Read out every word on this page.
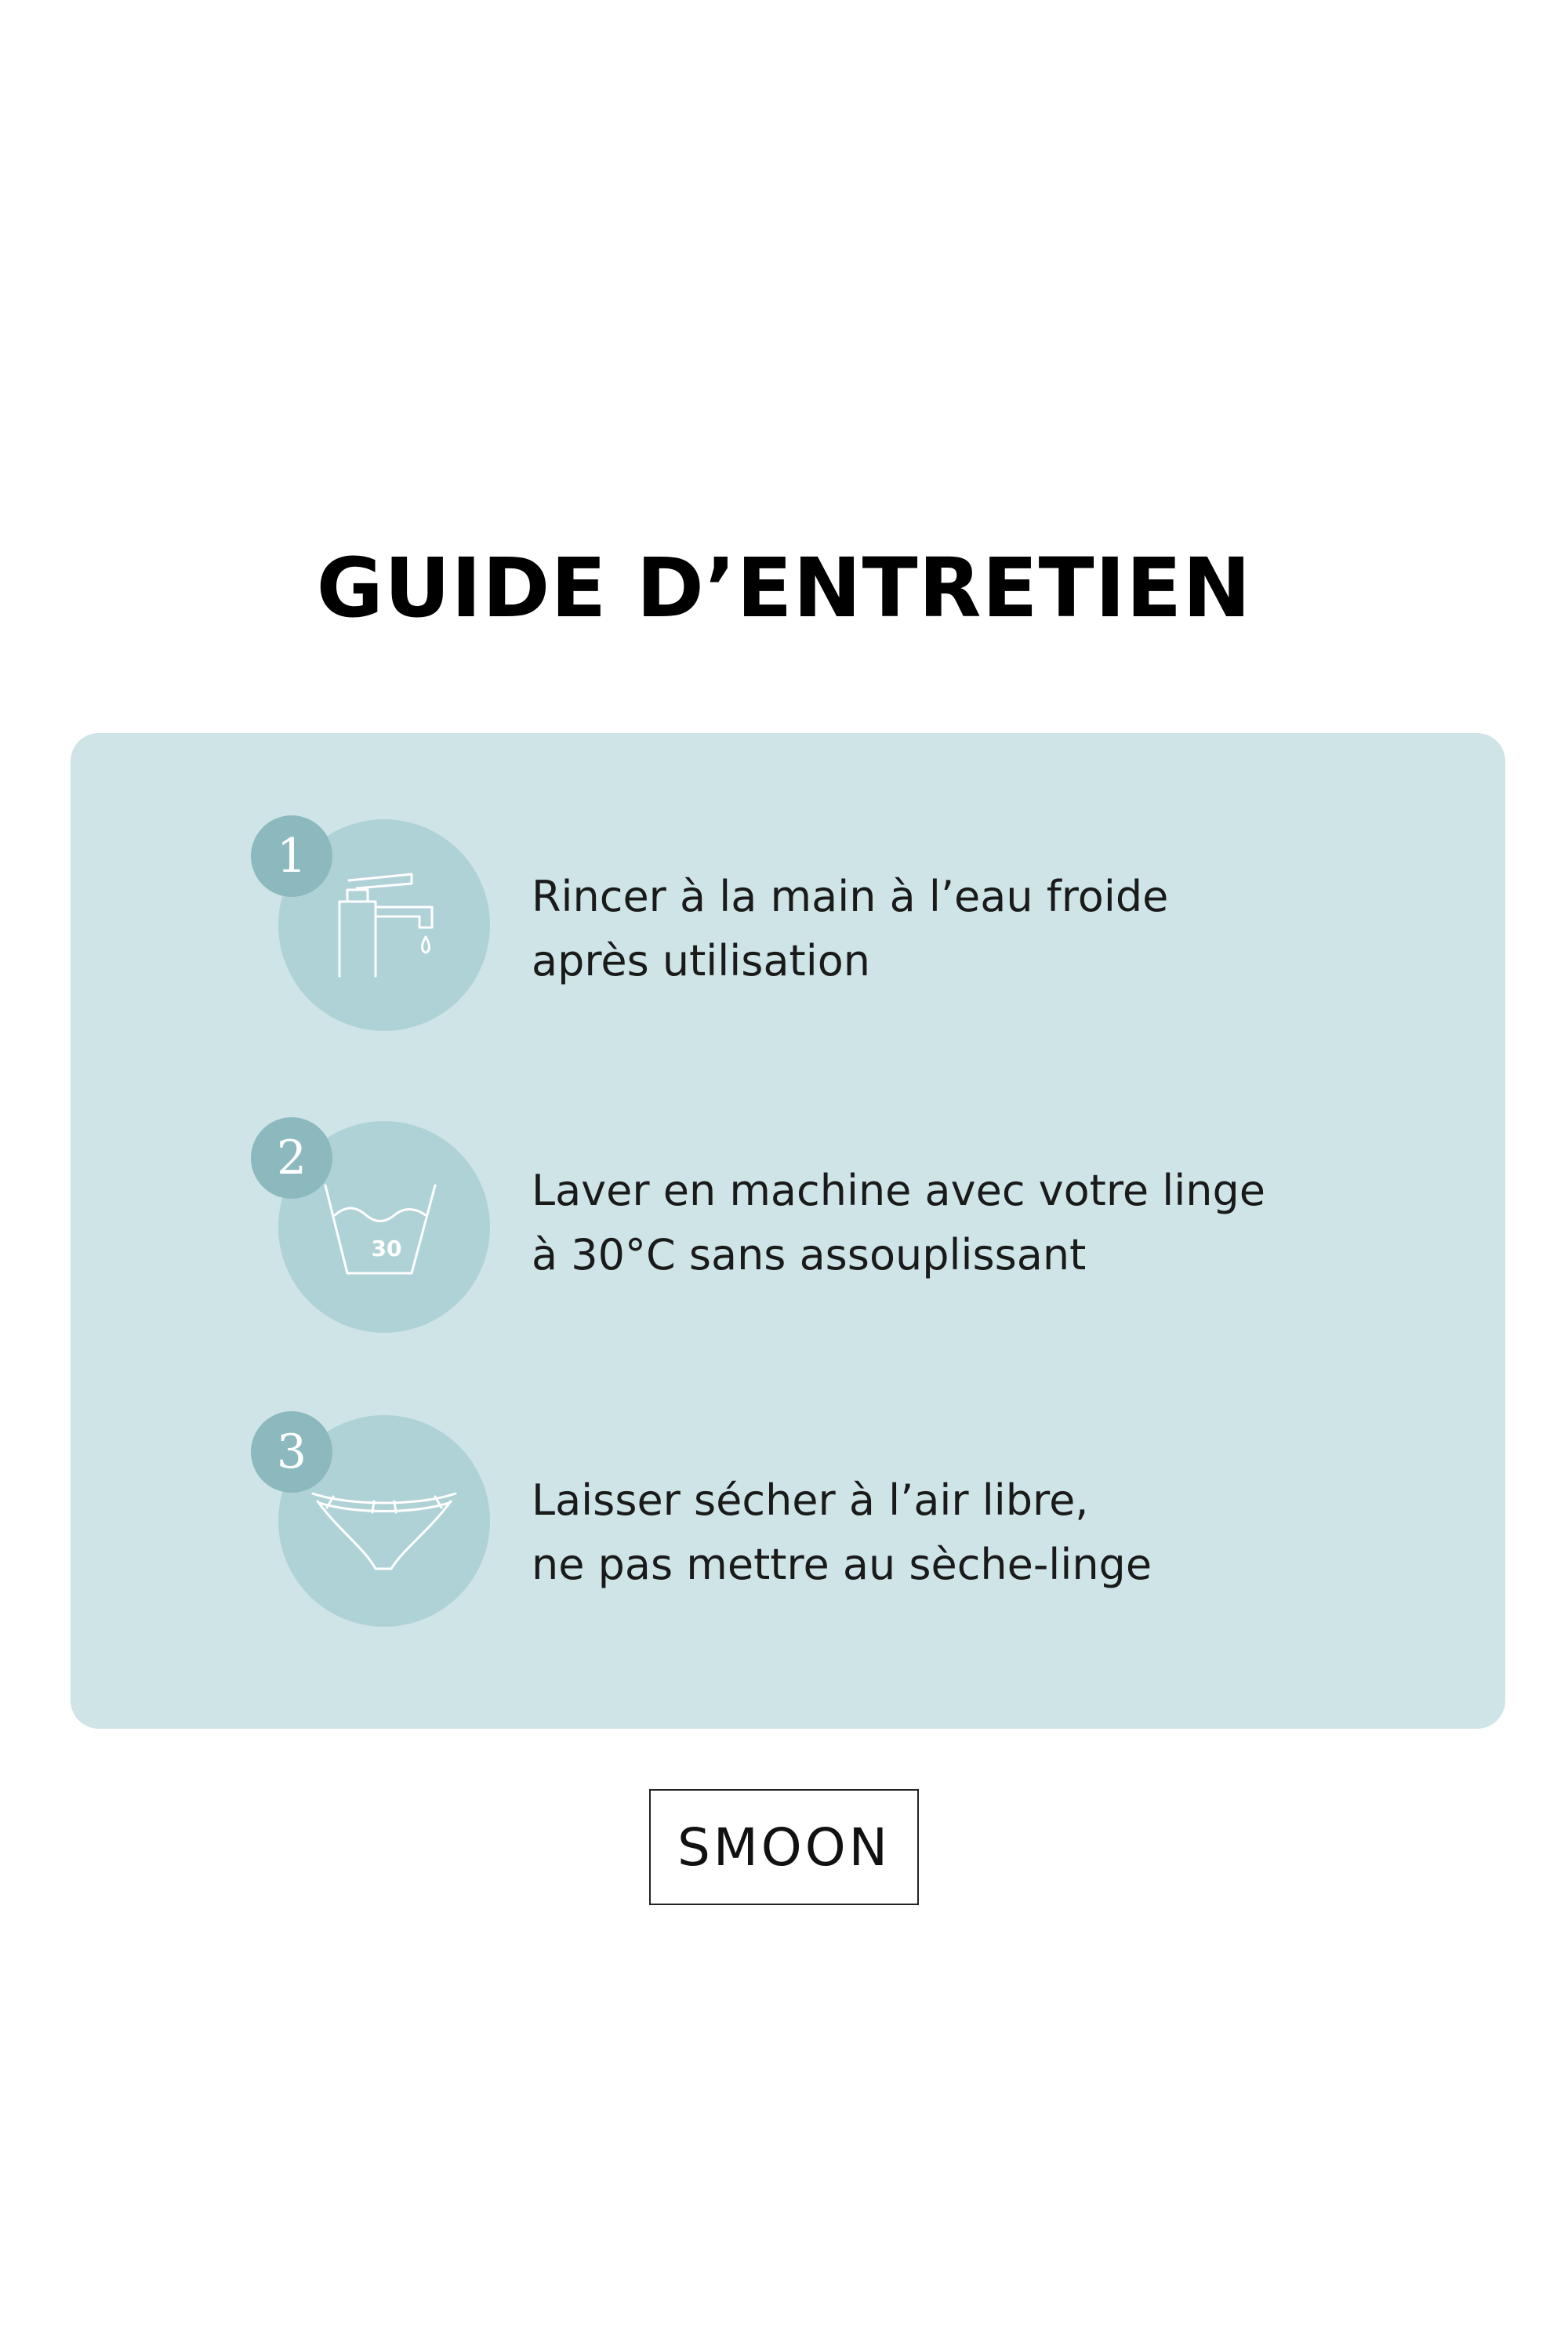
GUIDE D’ENTRETIEN
1
Rincer à la main à l’eau froide
après utilisation
30
2
Laver en machine avec votre linge
à 30°C sans assouplissant
3
Laisser sécher à l’air libre,
ne pas mettre au sèche-linge
SMOON
